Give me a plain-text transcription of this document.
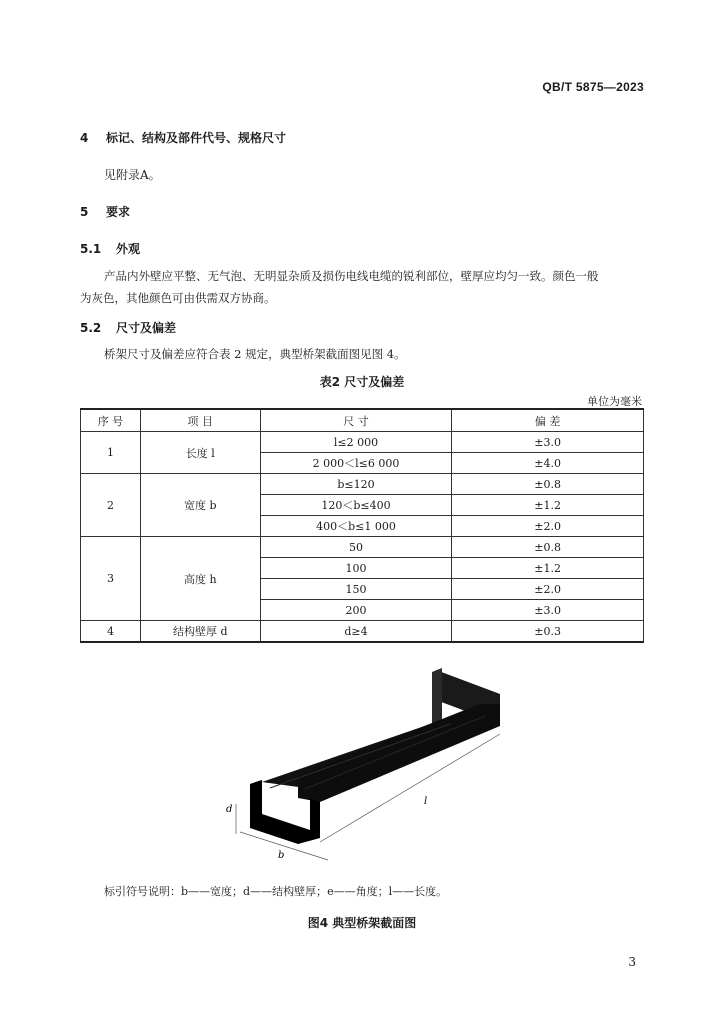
QB/T 5875—2023
4 标记、结构及部件代号、规格尺寸
见附录A。
5 要求
5.1 外观
产品内外壁应平整、无气泡、无明显杂质及损伤电线电缆的锐利部位，壁厚应均匀一致。颜色一般
为灰色，其他颜色可由供需双方协商。
5.2 尺寸及偏差
桥架尺寸及偏差应符合表 2 规定，典型桥架截面图见图 4。
表2 尺寸及偏差
单位为毫米
序 号	项 目	尺 寸	偏 差
1	长度 l	l≤2 000	±3.0
		2 000＜l≤6 000	±4.0
2	宽度 b	b≤120	±0.8
		120＜b≤400	±1.2
		400＜b≤1 000	±2.0
3	高度 h	50	±0.8
		100	±1.2
		150	±2.0
		200	±3.0
4	结构壁厚 d	d≥4	±0.3
l
b
d
标引符号说明：b——宽度；d——结构壁厚；e——角度；l——长度。
图4 典型桥架截面图
3
